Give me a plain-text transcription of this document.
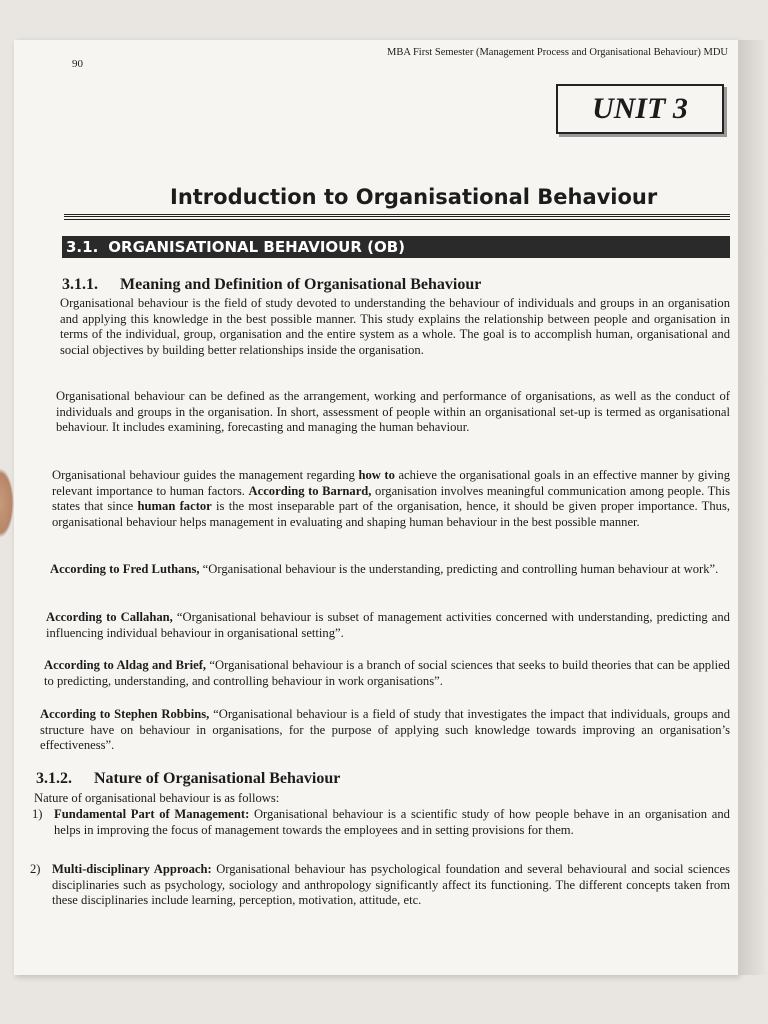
90
MBA First Semester (Management Process and Organisational Behaviour) MDU
UNIT 3
Introduction to Organisational Behaviour
3.1. ORGANISATIONAL BEHAVIOUR (OB)
3.1.1. Meaning and Definition of Organisational Behaviour

Organisational behaviour is the field of study devoted to understanding the behaviour of individuals and groups in an organisation and applying this knowledge in the best possible manner. This study explains the relationship between people and organisation in terms of the individual, group, organisation and the entire system as a whole. The goal is to accomplish human, organisational and social objectives by building better relationships inside the organisation.

Organisational behaviour can be defined as the arrangement, working and performance of organisations, as well as the conduct of individuals and groups in the organisation. In short, assessment of people within an organisational set-up is termed as organisational behaviour. It includes examining, forecasting and managing the human behaviour.

Organisational behaviour guides the management regarding how to achieve the organisational goals in an effective manner by giving relevant importance to human factors. According to Barnard, organisation involves meaningful communication among people. This states that since human factor is the most inseparable part of the organisation, hence, it should be given proper importance. Thus, organisational behaviour helps management in evaluating and shaping human behaviour in the best possible manner.

According to Fred Luthans, “Organisational behaviour is the understanding, predicting and controlling human behaviour at work”.

According to Callahan, “Organisational behaviour is subset of management activities concerned with understanding, predicting and influencing individual behaviour in organisational setting”.

According to Aldag and Brief, “Organisational behaviour is a branch of social sciences that seeks to build theories that can be applied to predicting, understanding, and controlling behaviour in work organisations”.

According to Stephen Robbins, “Organisational behaviour is a field of study that investigates the impact that individuals, groups and structure have on behaviour in organisations, for the purpose of applying such knowledge towards improving an organisation’s effectiveness”.

3.1.2. Nature of Organisational Behaviour

Nature of organisational behaviour is as follows:

1) Fundamental Part of Management: Organisational behaviour is a scientific study of how people behave in an organisation and helps in improving the focus of management towards the employees and in setting provisions for them.

2) Multi-disciplinary Approach: Organisational behaviour has psychological foundation and several behavioural and social sciences disciplinaries such as psychology, sociology and anthropology significantly affect its functioning. The different concepts taken from these disciplinaries include learning, perception, motivation, attitude, etc.
